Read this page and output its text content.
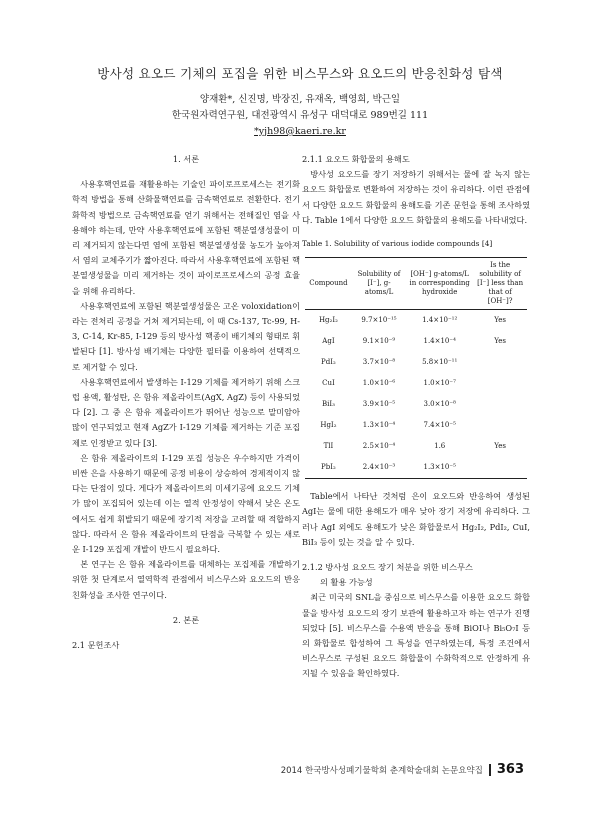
방사성 요오드 기체의 포집을 위한 비스무스와 요오드의 반응친화성 탐색
양재환*, 신진명, 박장진, 유재옥, 백영희, 박근일
한국원자력연구원, 대전광역시 유성구 대덕대로 989번길 111
*yjh98@kaeri.re.kr
1. 서론

사용후핵연료를 재활용하는 기술인 파이로프로세스는 전기화학적 방법을 통해 산화물핵연료를 금속핵연료로 전환한다. 전기화학적 방법으로 금속핵연료를 얻기 위해서는 전해질인 염을 사용해야 하는데, 만약 사용후핵연료에 포함된 핵분열생성물이 미리 제거되지 않는다면 염에 포함된 핵분열생성물 농도가 높아져서 염의 교체주기가 짧아진다. 따라서 사용후핵연료에 포함된 핵분열생성물을 미리 제거하는 것이 파이로프로세스의 공정 효율을 위해 유리하다.

사용후핵연료에 포함된 핵분열생성물은 고온 voloxidation이라는 전처리 공정을 거쳐 제거되는데, 이 때 Cs-137, Tc-99, H-3, C-14, Kr-85, I-129 등의 방사성 핵종이 배기체의 형태로 휘발된다 [1]. 방사성 배기체는 다양한 필터를 이용하여 선택적으로 제거할 수 있다.

사용후핵연료에서 발생하는 I-129 기체를 제거하기 위해 스크럽 용액, 활성탄, 은 함유 제올라이트(AgX, AgZ) 등이 사용되었다 [2]. 그 중 은 함유 제올라이트가 뛰어난 성능으로 말미암아 많이 연구되었고 현재 AgZ가 I-129 기체를 제거하는 기준 포집제로 인정받고 있다 [3].

은 함유 제올라이트의 I-129 포집 성능은 우수하지만 가격이 비싼 은을 사용하기 때문에 공정 비용이 상승하여 경제적이지 않다는 단점이 있다. 게다가 제올라이트의 미세기공에 요오드 기체가 많이 포집되어 있는데 이는 열적 안정성이 약해서 낮은 온도에서도 쉽게 휘발되기 때문에 장기적 저장을 고려할 때 적합하지 않다. 따라서 은 함유 제올라이트의 단점을 극복할 수 있는 새로운 I-129 포집제 개발이 반드시 필요하다.

본 연구는 은 함유 제올라이트를 대체하는 포집제를 개발하기 위한 첫 단계로서 열역학적 관점에서 비스무스와 요오드의 반응친화성을 조사한 연구이다.

2. 본론
2.1 문헌조사
2.1.1 요오드 화합물의 용해도

방사성 요오드를 장기 저장하기 위해서는 물에 잘 녹지 않는 요오드 화합물로 변환하여 저장하는 것이 유리하다. 이런 관점에서 다양한 요오드 화합물의 용해도를 기존 문헌을 통해 조사하였다. Table 1에서 다양한 요오드 화합물의 용해도를 나타내었다.

Table 1. Solubility of various iodide compounds [4]
Compound	Solubility of [I⁻], g-atoms/L	[OH⁻] g-atoms/L in corresponding hydroxide	Is the solubility of [I⁻] less than that of [OH⁻]?
Hg₂I₂	9.7×10⁻¹⁵	1.4×10⁻¹²	Yes
AgI	9.1×10⁻⁹	1.4×10⁻⁴	Yes
PdI₂	3.7×10⁻⁸	5.8×10⁻¹¹	
CuI	1.0×10⁻⁶	1.0×10⁻⁷	
BiI₃	3.9×10⁻⁵	3.0×10⁻⁸	
HgI₂	1.3×10⁻⁴	7.4×10⁻⁵	
TlI	2.5×10⁻⁴	1.6	Yes
PbI₂	2.4×10⁻³	1.3×10⁻⁵	

Table에서 나타난 것처럼 은이 요오드와 반응하여 생성된 AgI는 물에 대한 용해도가 매우 낮아 장기 저장에 유리하다. 그러나 AgI 외에도 용해도가 낮은 화합물로서 Hg₂I₂, PdI₂, CuI, BiI₃ 등이 있는 것을 알 수 있다.

2.1.2 방사성 요오드 장기 처분을 위한 비스무스
의 활용 가능성

최근 미국의 SNL을 중심으로 비스무스를 이용한 요오드 화합물을 방사성 요오드의 장기 보관에 활용하고자 하는 연구가 진행되었다 [5]. 비스무스를 수용액 반응을 통해 BiOI나 Bi₅O₇I 등의 화합물로 합성하여 그 특성을 연구하였는데, 특정 조건에서 비스무스로 구성된 요오드 화합물이 수화학적으로 안정하게 유지될 수 있음을 확인하였다.

2014 한국방사성폐기물학회 춘계학술대회 논문요약집 363
